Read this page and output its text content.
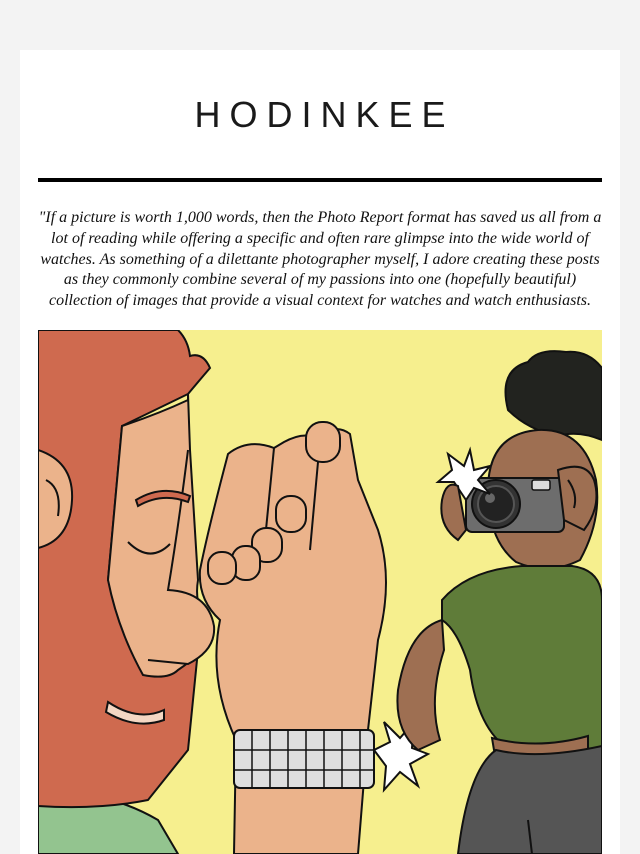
HODINKEE

"If a picture is worth 1,000 words, then the Photo Report format has saved us all from a lot of reading while offering a specific and often rare glimpse into the wide world of watches. As something of a dilettante photographer myself, I adore creating these posts as they commonly combine several of my passions into one (hopefully beautiful) collection of images that provide a visual context for watches and watch enthusiasts.
